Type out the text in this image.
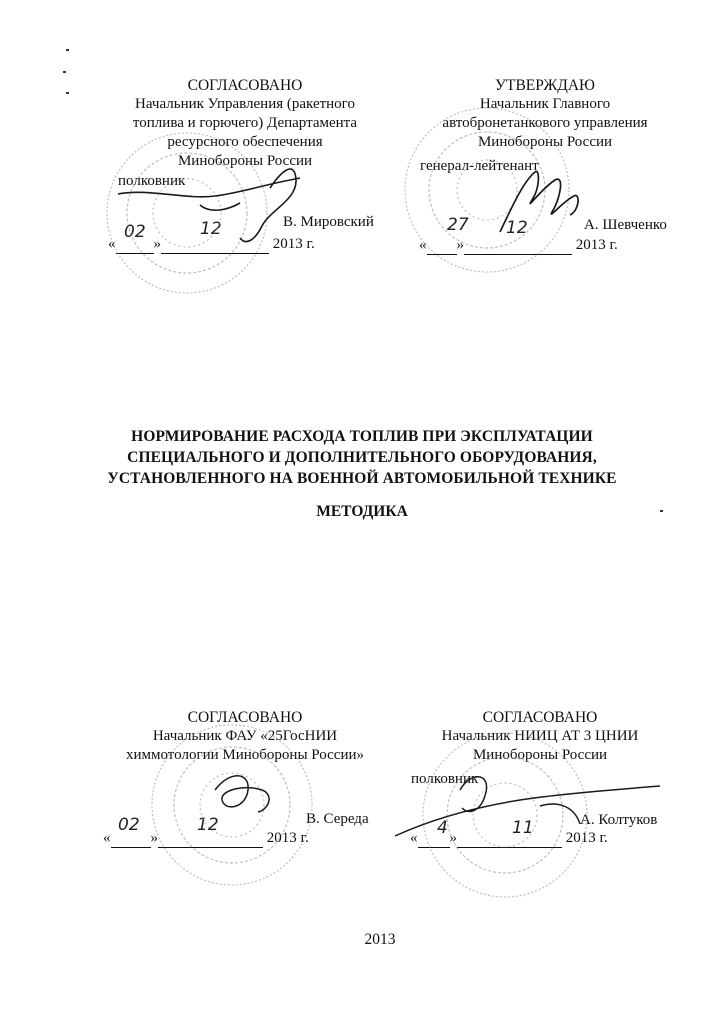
СОГЛАСОВАНО
Начальник Управления (ракетного
топлива и горючего) Департамента
ресурсного обеспечения
Минобороны России
полковник
В. Мировский
«	»	2013 г.
02	12
УТВЕРЖДАЮ
Начальник Главного
автобронетанкового управления
Минобороны России
генерал-лейтенант
А. Шевченко
« »	2013 г.
27 12
НОРМИРОВАНИЕ РАСХОДА ТОПЛИВ ПРИ ЭКСПЛУАТАЦИИ
СПЕЦИАЛЬНОГО И ДОПОЛНИТЕЛЬНОГО ОБОРУДОВАНИЯ,
УСТАНОВЛЕННОГО НА ВОЕННОЙ АВТОМОБИЛЬНОЙ ТЕХНИКЕ
МЕТОДИКА
СОГЛАСОВАНО
Начальник ФАУ «25ГосНИИ
химмотологии Минобороны России»
В. Середа
«	»	2013 г.
02	12
СОГЛАСОВАНО
Начальник НИИЦ АТ 3 ЦНИИ
Минобороны России
полковник
А. Колтуков
« »	2013 г.
4	11
2013
